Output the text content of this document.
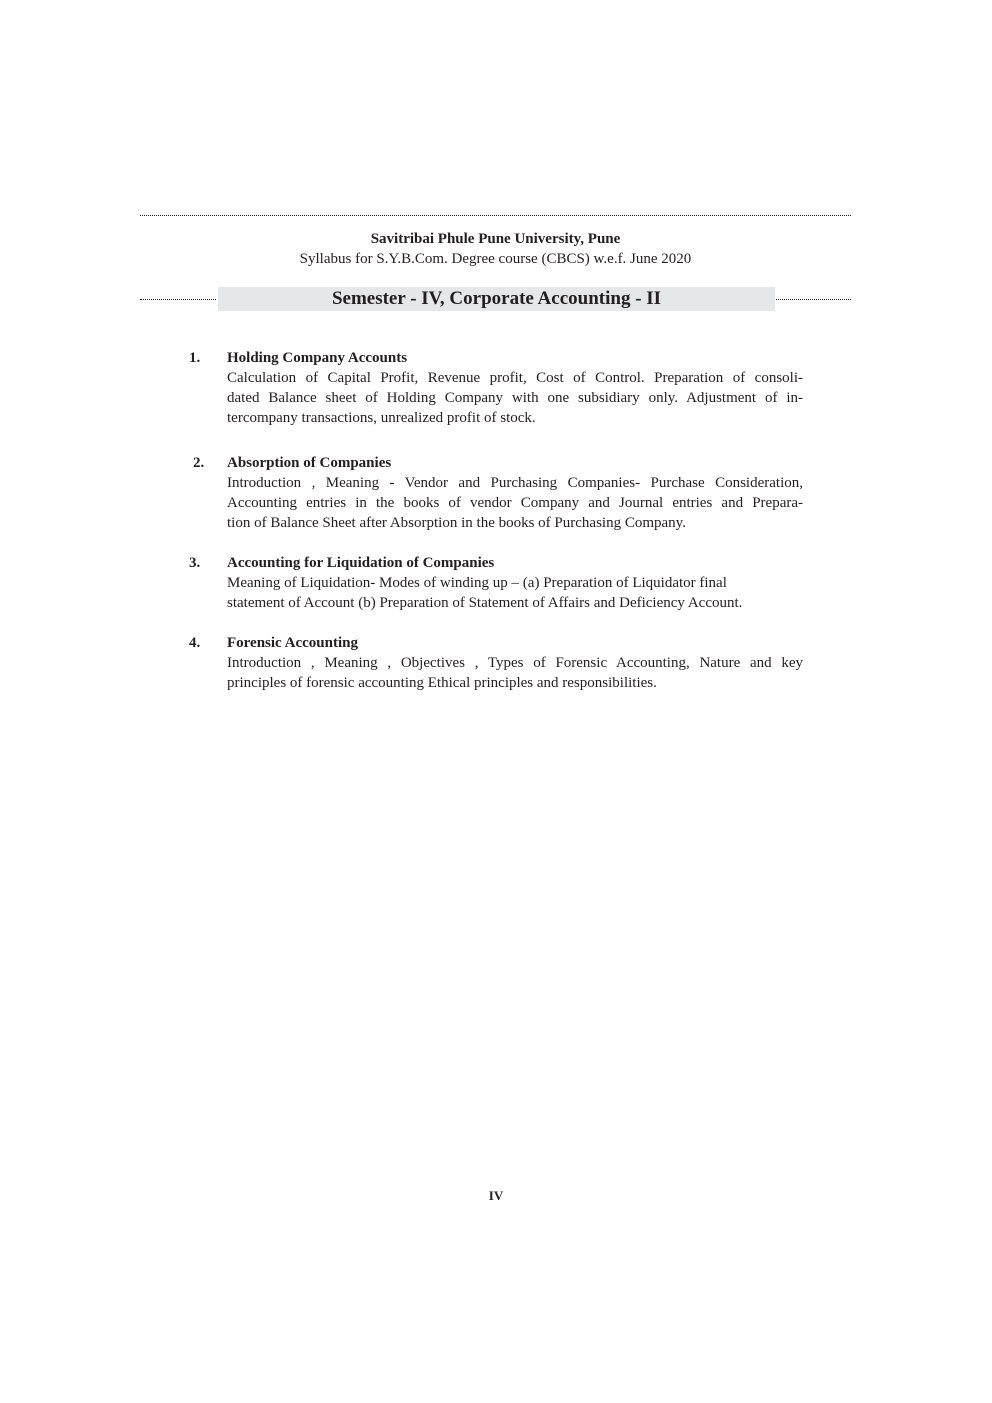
Savitribai Phule Pune University, Pune
Syllabus for S.Y.B.Com. Degree course (CBCS) w.e.f. June 2020
Semester - IV, Corporate Accounting - II
1.	Holding Company Accounts
Calculation of Capital Profit, Revenue profit, Cost of Control. Preparation of consoli-
dated Balance sheet of Holding Company with one subsidiary only. Adjustment of in-
tercompany transactions, unrealized profit of stock.
2.	Absorption of Companies
Introduction , Meaning - Vendor and Purchasing Companies- Purchase Consideration,
Accounting entries in the books of vendor Company and Journal entries and Prepara-
tion of Balance Sheet after Absorption in the books of Purchasing Company.
3.	Accounting for Liquidation of Companies
Meaning of Liquidation- Modes of winding up – (a) Preparation of Liquidator final
statement of Account (b) Preparation of Statement of Affairs and Deficiency Account.
4.	Forensic Accounting
Introduction , Meaning , Objectives , Types of Forensic Accounting, Nature and key
principles of forensic accounting Ethical principles and responsibilities.
IV
